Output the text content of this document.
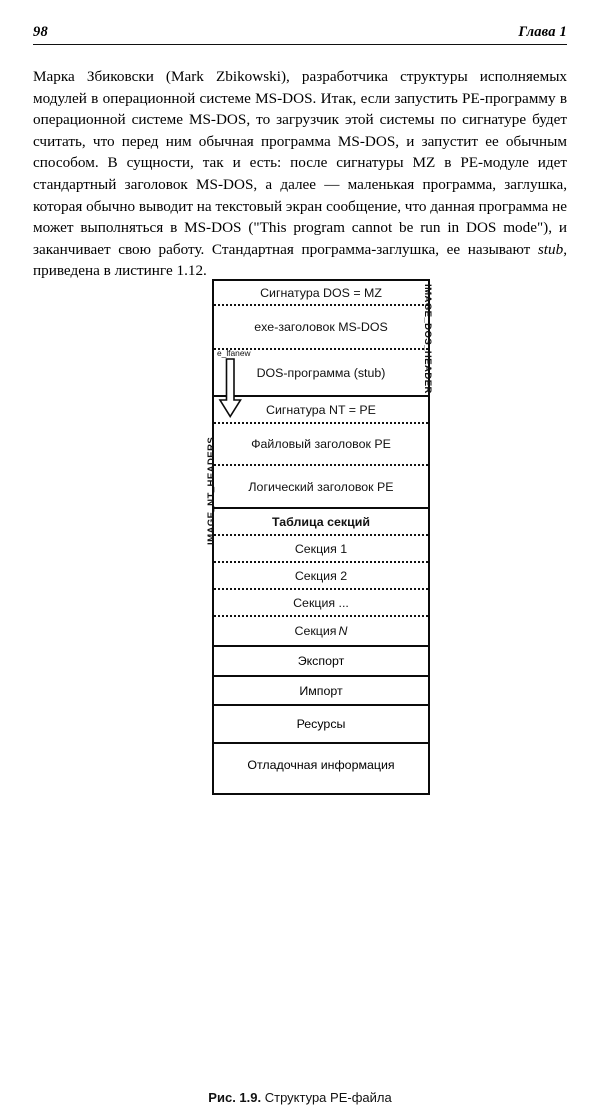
98	Глава 1

Марка Збиковски (Mark Zbikowski), разработчика структуры исполняемых модулей в операционной системе MS-DOS. Итак, если запустить PE-программу в операционной системе MS-DOS, то загрузчик этой системы по сигнатуре будет считать, что перед ним обычная программа MS-DOS, и запустит ее обычным способом. В сущности, так и есть: после сигнатуры MZ в PE-модуле идет стандартный заголовок MS-DOS, а далее — маленькая программа, заглушка, которая обычно выводит на текстовый экран сообщение, что данная программа не может выполняться в MS-DOS ("This program cannot be run in DOS mode"), и заканчивает свою работу. Стандартная программа-заглушка, ее называют stub, приведена в листинге 1.12.

Сигнатура DOS = MZ
exe-заголовок MS-DOS
DOS-программа (stub)
Сигнатура NT = PE
Файловый заголовок PE
Логический заголовок PE
Таблица секций
Секция 1
Секция 2
Секция ...
Секция N
Экспорт
Импорт
Ресурсы
Отладочная информация
IMAGE_DOS_HEADER
IMAGE_NT_HEADERS
e_lfanew
Рис. 1.9. Структура PE-файла
